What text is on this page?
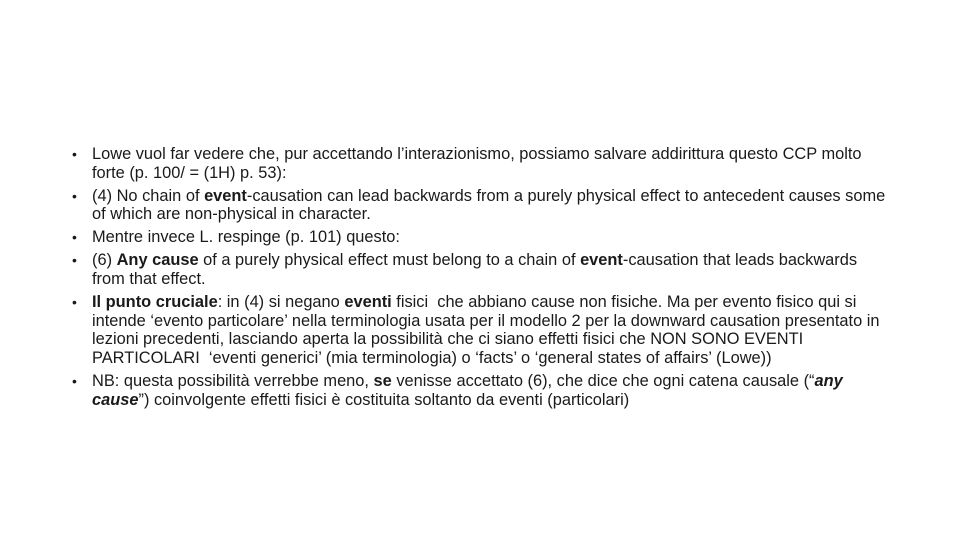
• Lowe vuol far vedere che, pur accettando l’interazionismo, possiamo salvare addirittura questo CCP molto forte (p. 100/ = (1H) p. 53):
• (4) No chain of event-causation can lead backwards from a purely physical effect to antecedent causes some of which are non-physical in character.
• Mentre invece L. respinge (p. 101) questo:
• (6) Any cause of a purely physical effect must belong to a chain of event-causation that leads backwards from that effect.
• Il punto cruciale: in (4) si negano eventi fisici  che abbiano cause non fisiche. Ma per evento fisico qui si intende ‘evento particolare’ nella terminologia usata per il modello 2 per la downward causation presentato in lezioni precedenti, lasciando aperta la possibilità che ci siano effetti fisici che NON SONO EVENTI PARTICOLARI  ‘eventi generici’ (mia terminologia) o ‘facts’ o ‘general states of affairs’ (Lowe))
• NB: questa possibilità verrebbe meno, se venisse accettato (6), che dice che ogni catena causale (“any cause”) coinvolgente effetti fisici è costituita soltanto da eventi (particolari)
